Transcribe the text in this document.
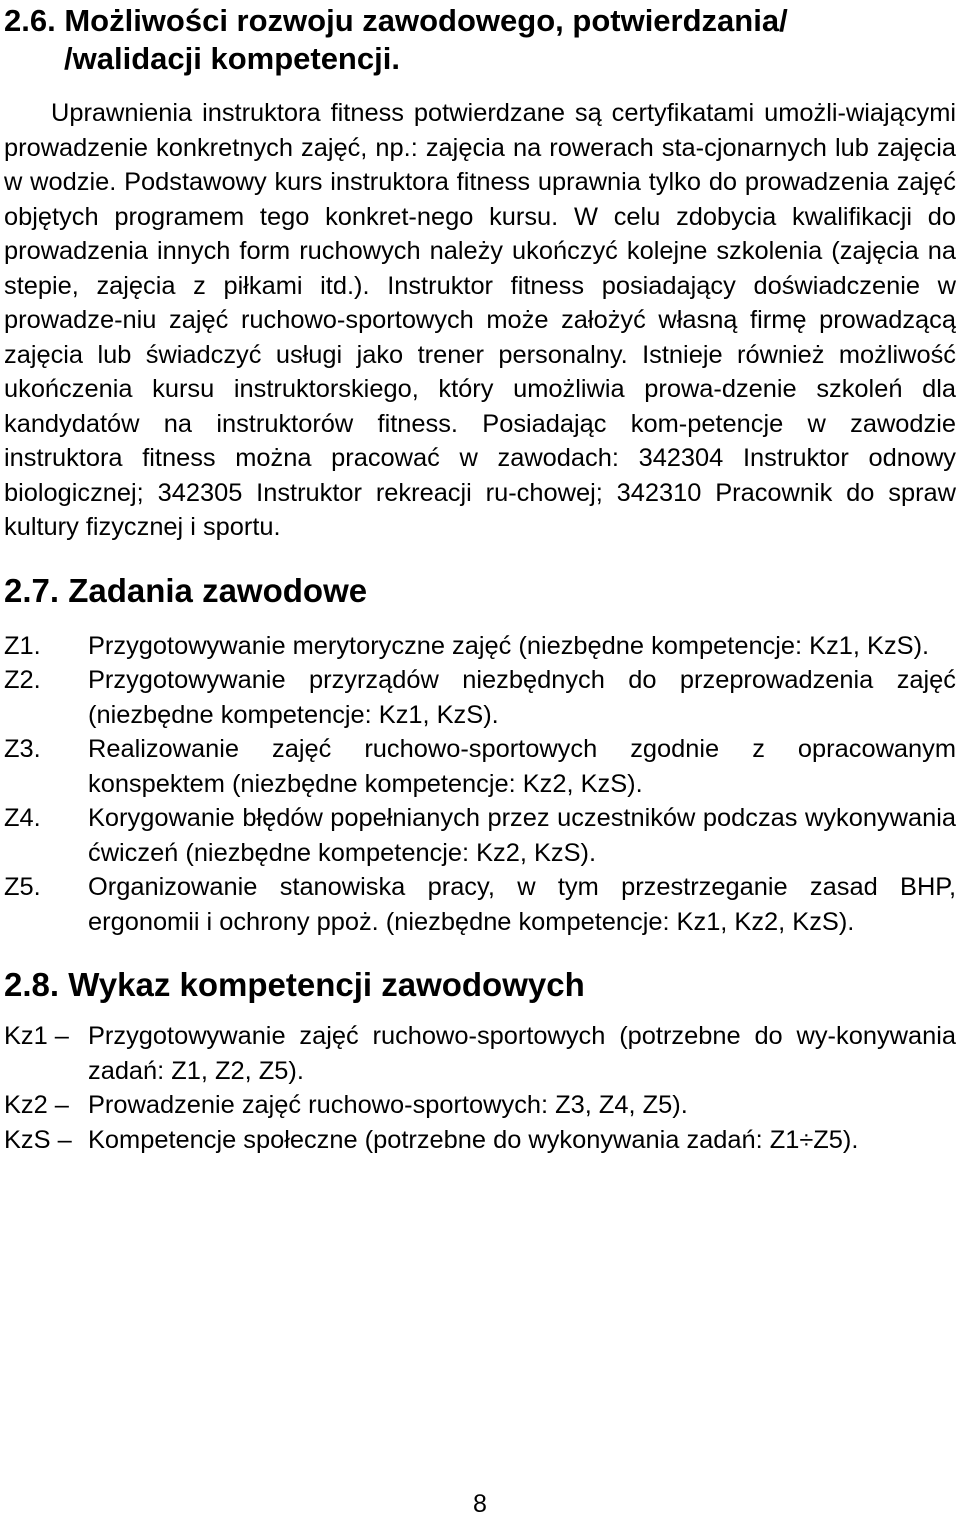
2.6. Możliwości rozwoju zawodowego, potwierdzania/
/walidacji kompetencji.

Uprawnienia instruktora fitness potwierdzane są certyfikatami umożli-wiającymi prowadzenie konkretnych zajęć, np.: zajęcia na rowerach sta-cjonarnych lub zajęcia w wodzie. Podstawowy kurs instruktora fitness uprawnia tylko do prowadzenia zajęć objętych programem tego konkret-nego kursu. W celu zdobycia kwalifikacji do prowadzenia innych form ruchowych należy ukończyć kolejne szkolenia (zajęcia na stepie, zajęcia z piłkami itd.). Instruktor fitness posiadający doświadczenie w prowadze-niu zajęć ruchowo-sportowych może założyć własną firmę prowadzącą zajęcia lub świadczyć usługi jako trener personalny. Istnieje również możliwość ukończenia kursu instruktorskiego, który umożliwia prowa-dzenie szkoleń dla kandydatów na instruktorów fitness. Posiadając kom-petencje w zawodzie instruktora fitness można pracować w zawodach: 342304 Instruktor odnowy biologicznej; 342305 Instruktor rekreacji ru-chowej; 342310 Pracownik do spraw kultury fizycznej i sportu.

2.7. Zadania zawodowe
Z1.	Przygotowywanie merytoryczne zajęć (niezbędne kompetencje: Kz1, KzS).
Z2.	Przygotowywanie przyrządów niezbędnych do przeprowadzenia zajęć (niezbędne kompetencje: Kz1, KzS).
Z3.	Realizowanie zajęć ruchowo-sportowych zgodnie z opracowanym konspektem (niezbędne kompetencje: Kz2, KzS).
Z4.	Korygowanie błędów popełnianych przez uczestników podczas wykonywania ćwiczeń (niezbędne kompetencje: Kz2, KzS).
Z5.	Organizowanie stanowiska pracy, w tym przestrzeganie zasad BHP, ergonomii i ochrony ppoż. (niezbędne kompetencje: Kz1, Kz2, KzS).
2.8. Wykaz kompetencji zawodowych
Kz1 – Przygotowywanie zajęć ruchowo-sportowych (potrzebne do wy-konywania zadań: Z1, Z2, Z5).
Kz2 – Prowadzenie zajęć ruchowo-sportowych: Z3, Z4, Z5).
KzS – Kompetencje społeczne (potrzebne do wykonywania zadań: Z1÷Z5).
8
